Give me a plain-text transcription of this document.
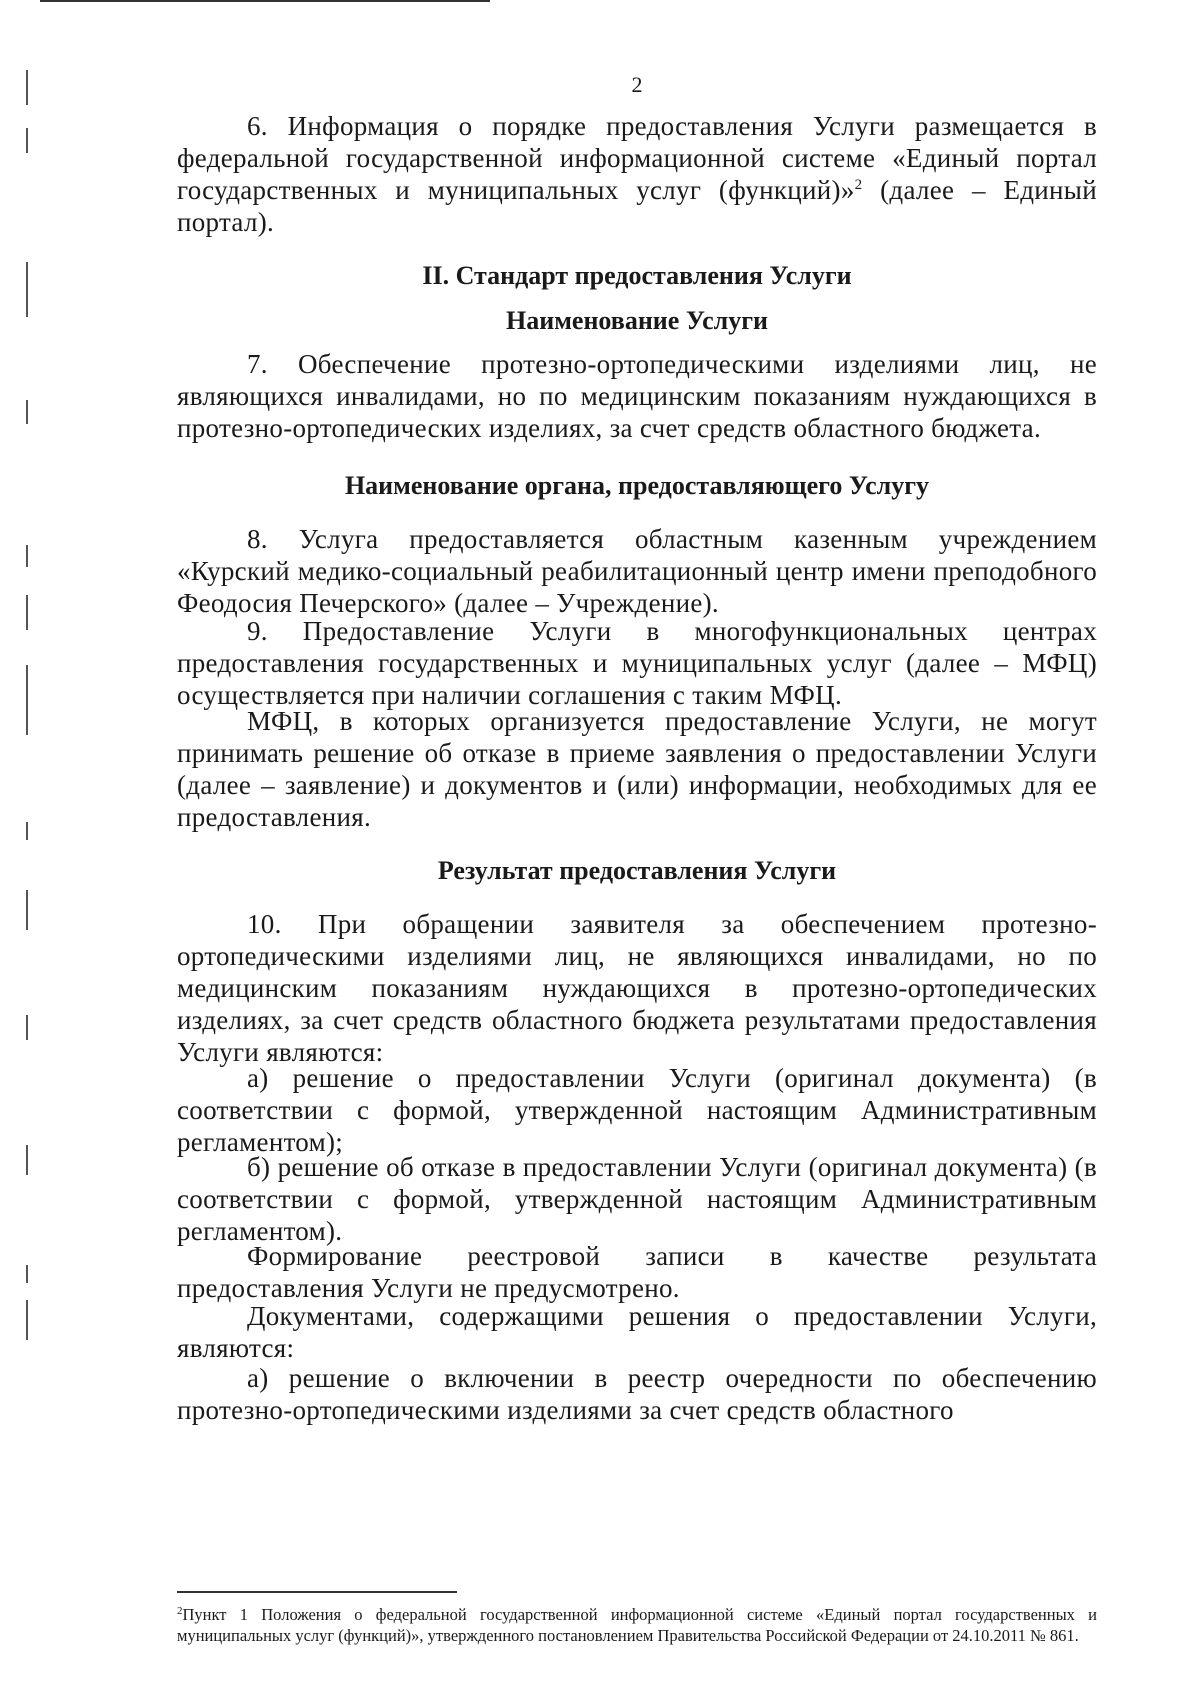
2

6. Информация о порядке предоставления Услуги размещается в федеральной государственной информационной системе «Единый портал государственных и муниципальных услуг (функций)»$^2$ (далее – Единый портал).

II. Стандарт предоставления Услуги
Наименование Услуги

7. Обеспечение протезно-ортопедическими изделиями лиц, не являющихся инвалидами, но по медицинским показаниям нуждающихся в протезно-ортопедических изделиях, за счет средств областного бюджета.

Наименование органа, предоставляющего Услугу

8. Услуга предоставляется областным казенным учреждением «Курский медико-социальный реабилитационный центр имени преподобного Феодосия Печерского» (далее – Учреждение).

9. Предоставление Услуги в многофункциональных центрах предоставления государственных и муниципальных услуг (далее – МФЦ) осуществляется при наличии соглашения с таким МФЦ.

МФЦ, в которых организуется предоставление Услуги, не могут принимать решение об отказе в приеме заявления о предоставлении Услуги (далее – заявление) и документов и (или) информации, необходимых для ее предоставления.

Результат предоставления Услуги

10. При обращении заявителя за обеспечением протезно-ортопедическими изделиями лиц, не являющихся инвалидами, но по медицинским показаниям нуждающихся в протезно-ортопедических изделиях, за счет средств областного бюджета результатами предоставления Услуги являются:

а) решение о предоставлении Услуги (оригинал документа) (в соответствии с формой, утвержденной настоящим Административным регламентом);

б) решение об отказе в предоставлении Услуги (оригинал документа) (в соответствии с формой, утвержденной настоящим Административным регламентом).

Формирование реестровой записи в качестве результата предоставления Услуги не предусмотрено.

Документами, содержащими решения о предоставлении Услуги, являются:

а) решение о включении в реестр очередности по обеспечению протезно-ортопедическими изделиями за счет средств областного

$^2$Пункт 1 Положения о федеральной государственной информационной системе «Единый портал государственных и муниципальных услуг (функций)», утвержденного постановлением Правительства Российской Федерации от 24.10.2011 № 861.
